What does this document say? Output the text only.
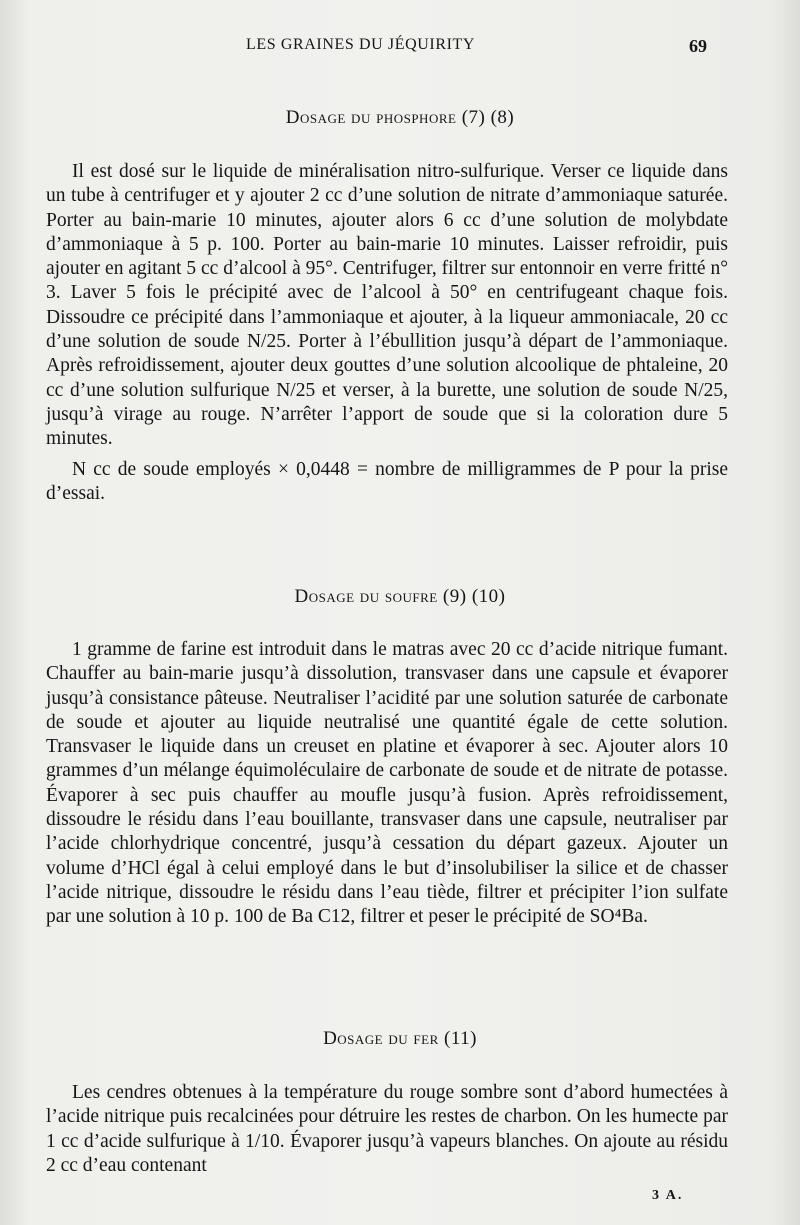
LES GRAINES DU JÉQUIRITY	69
Dosage du phosphore (7) (8)

Il est dosé sur le liquide de minéralisation nitro-sulfurique. Verser ce liquide dans un tube à centrifuger et y ajouter 2 cc d’une solution de nitrate d’ammoniaque saturée. Porter au bain-marie 10 minutes, ajouter alors 6 cc d’une solution de molybdate d’ammoniaque à 5 p. 100. Porter au bain-marie 10 minutes. Laisser refroidir, puis ajouter en agitant 5 cc d’alcool à 95°. Centrifuger, filtrer sur entonnoir en verre fritté n° 3. Laver 5 fois le précipité avec de l’alcool à 50° en centrifugeant chaque fois. Dissoudre ce précipité dans l’ammoniaque et ajouter, à la liqueur ammoniacale, 20 cc d’une solution de soude N/25. Porter à l’ébullition jusqu’à départ de l’ammoniaque. Après refroidissement, ajouter deux gouttes d’une solution alcoolique de phtaleine, 20 cc d’une solution sulfurique N/25 et verser, à la burette, une solution de soude N/25, jusqu’à virage au rouge. N’arrêter l’apport de soude que si la coloration dure 5 minutes.

N cc de soude employés × 0,0448 = nombre de milligrammes de P pour la prise d’essai.

Dosage du soufre (9) (10)

1 gramme de farine est introduit dans le matras avec 20 cc d’acide nitrique fumant. Chauffer au bain-marie jusqu’à dissolution, transvaser dans une capsule et évaporer jusqu’à consistance pâteuse. Neutraliser l’acidité par une solution saturée de carbonate de soude et ajouter au liquide neutralisé une quantité égale de cette solution. Transvaser le liquide dans un creuset en platine et évaporer à sec. Ajouter alors 10 grammes d’un mélange équimoléculaire de carbonate de soude et de nitrate de potasse. Évaporer à sec puis chauffer au moufle jusqu’à fusion. Après refroidissement, dissoudre le résidu dans l’eau bouillante, transvaser dans une capsule, neutraliser par l’acide chlorhydrique concentré, jusqu’à cessation du départ gazeux. Ajouter un volume d’HCl égal à celui employé dans le but d’insolubiliser la silice et de chasser l’acide nitrique, dissoudre le résidu dans l’eau tiède, filtrer et précipiter l’ion sulfate par une solution à 10 p. 100 de Ba C12, filtrer et peser le précipité de SO⁴Ba.

Dosage du fer (11)

Les cendres obtenues à la température du rouge sombre sont d’abord humectées à l’acide nitrique puis recalcinées pour détruire les restes de charbon. On les humecte par 1 cc d’acide sulfurique à 1/10. Évaporer jusqu’à vapeurs blanches. On ajoute au résidu 2 cc d’eau contenant

3 A.
